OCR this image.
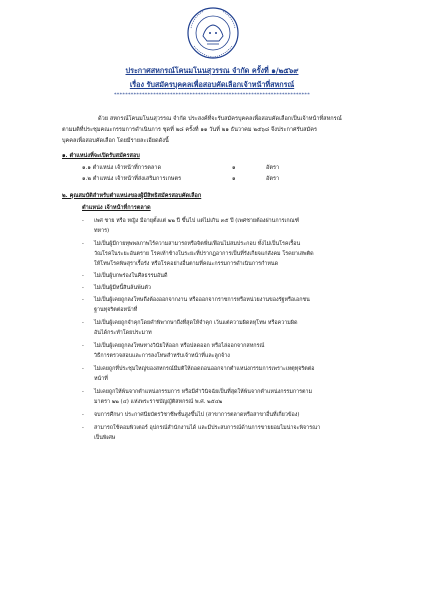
ประกาศสหกรณ์โคนมโนนสุวรรณ จำกัด ครั้งที่ ๑/๒๕๖๙
เรื่อง รับสมัครบุคคลเพื่อสอบคัดเลือกเจ้าหน้าที่สหกรณ์
**********************************************************************
ด้วย สหกรณ์โคนมโนนสุวรรณ จำกัด ประสงค์ที่จะรับสมัครบุคคลเพื่อสอบคัดเลือกเป็นเจ้าหน้าที่สหกรณ์
ตามมติที่ประชุมคณะกรรมการดำเนินการ ชุดที่ ๒๘ ครั้งที่ ๑๑ วันที่ ๒๑ ธันวาคม ๒๕๖๘ จึงประกาศรับสมัคร
บุคคลเพื่อสอบคัดเลือก โดยมีรายละเอียดดังนี้
๑. ตำแหน่งที่จะเปิดรับสมัครสอบ
๑.๑ ตำแหน่ง เจ้าหน้าที่การตลาด	๑	อัตรา
๑.๒ ตำแหน่ง เจ้าหน้าที่ส่งเสริมการเกษตร	๑	อัตรา
๒. คุณสมบัติสำหรับตำแหน่งของผู้มีสิทธิสมัครสอบคัดเลือก
ตำแหน่ง เจ้าหน้าที่การตลาด
- เพศ ชาย หรือ หญิง มีอายุตั้งแต่ ๒๒ ปี ขึ้นไป แต่ไม่เกิน ๓๕ ปี (เพศชายต้องผ่านการเกณฑ์
ทหาร)
- ไม่เป็นผู้มีกายทุพพลภาพไร้ความสามารถหรือจิตฟั่นเฟือนไม่สมประกอบ ทั้งไม่เป็นโรคเรื้อน
วัณโรคในระยะอันตราย โรคเท้าช้างในระยะที่ปรากฏอาการเป็นที่รังเกียจแก่สังคม โรคยาเสพติด
ให้โทษโรคพิษสุราเรื้อรัง หรือโรคอย่างอื่นตามที่คณะกรรมการดำเนินการกำหนด
- ไม่เป็นผู้บกพร่องในศีลธรรมอันดี
- ไม่เป็นผู้มีหนี้สินล้นพ้นตัว
- ไม่เป็นผู้เคยถูกลงโทษถึงต้องออกจากงาน หรือออกจากราชการหรือหน่วยงานของรัฐหรือเอกชน
ฐานทุจริตต่อหน้าที่
- ไม่เป็นผู้เคยถูกจำคุกโดยคำพิพากษาถึงที่สุดให้จำคุก เว้นแต่ความผิดลหุโทษ หรือความผิด
อันได้กระทำโดยประมาท
- ไม่เป็นผู้เคยถูกลงโทษทางวินัยให้ออก หรือปลดออก หรือไล่ออกจากสหกรณ์
วิธีการตรวจสอบและการลงโทษสำหรับเจ้าหน้าที่และลูกจ้าง
- ไม่เคยถูกที่ประชุมใหญ่ของสหกรณ์มีมติให้ถอดถอนออกจากตำแหน่งกรรมการเพราะเหตุทุจริตต่อ
หน้าที่
- ไม่เคยถูกให้พ้นจากตำแหน่งกรรมการ หรือมีคำวินิจฉัยเป็นที่สุดให้พ้นจากตำแหน่งกรรมการตาม
มาตรา ๒๒ (๔) แห่งพระราชบัญญัติสหกรณ์ พ.ศ. ๒๕๔๒
- จบการศึกษา ประกาศนียบัตรวิชาชีพชั้นสูงขึ้นไป (สาขาการตลาดหรือสาขาอื่นที่เกี่ยวข้อง)
- สามารถใช้คอมพิวเตอร์ อุปกรณ์สำนักงานได้ และมีประสบการณ์ด้านการขายยอมไมน่าจะพิจารณา
เป็นพิเศษ
